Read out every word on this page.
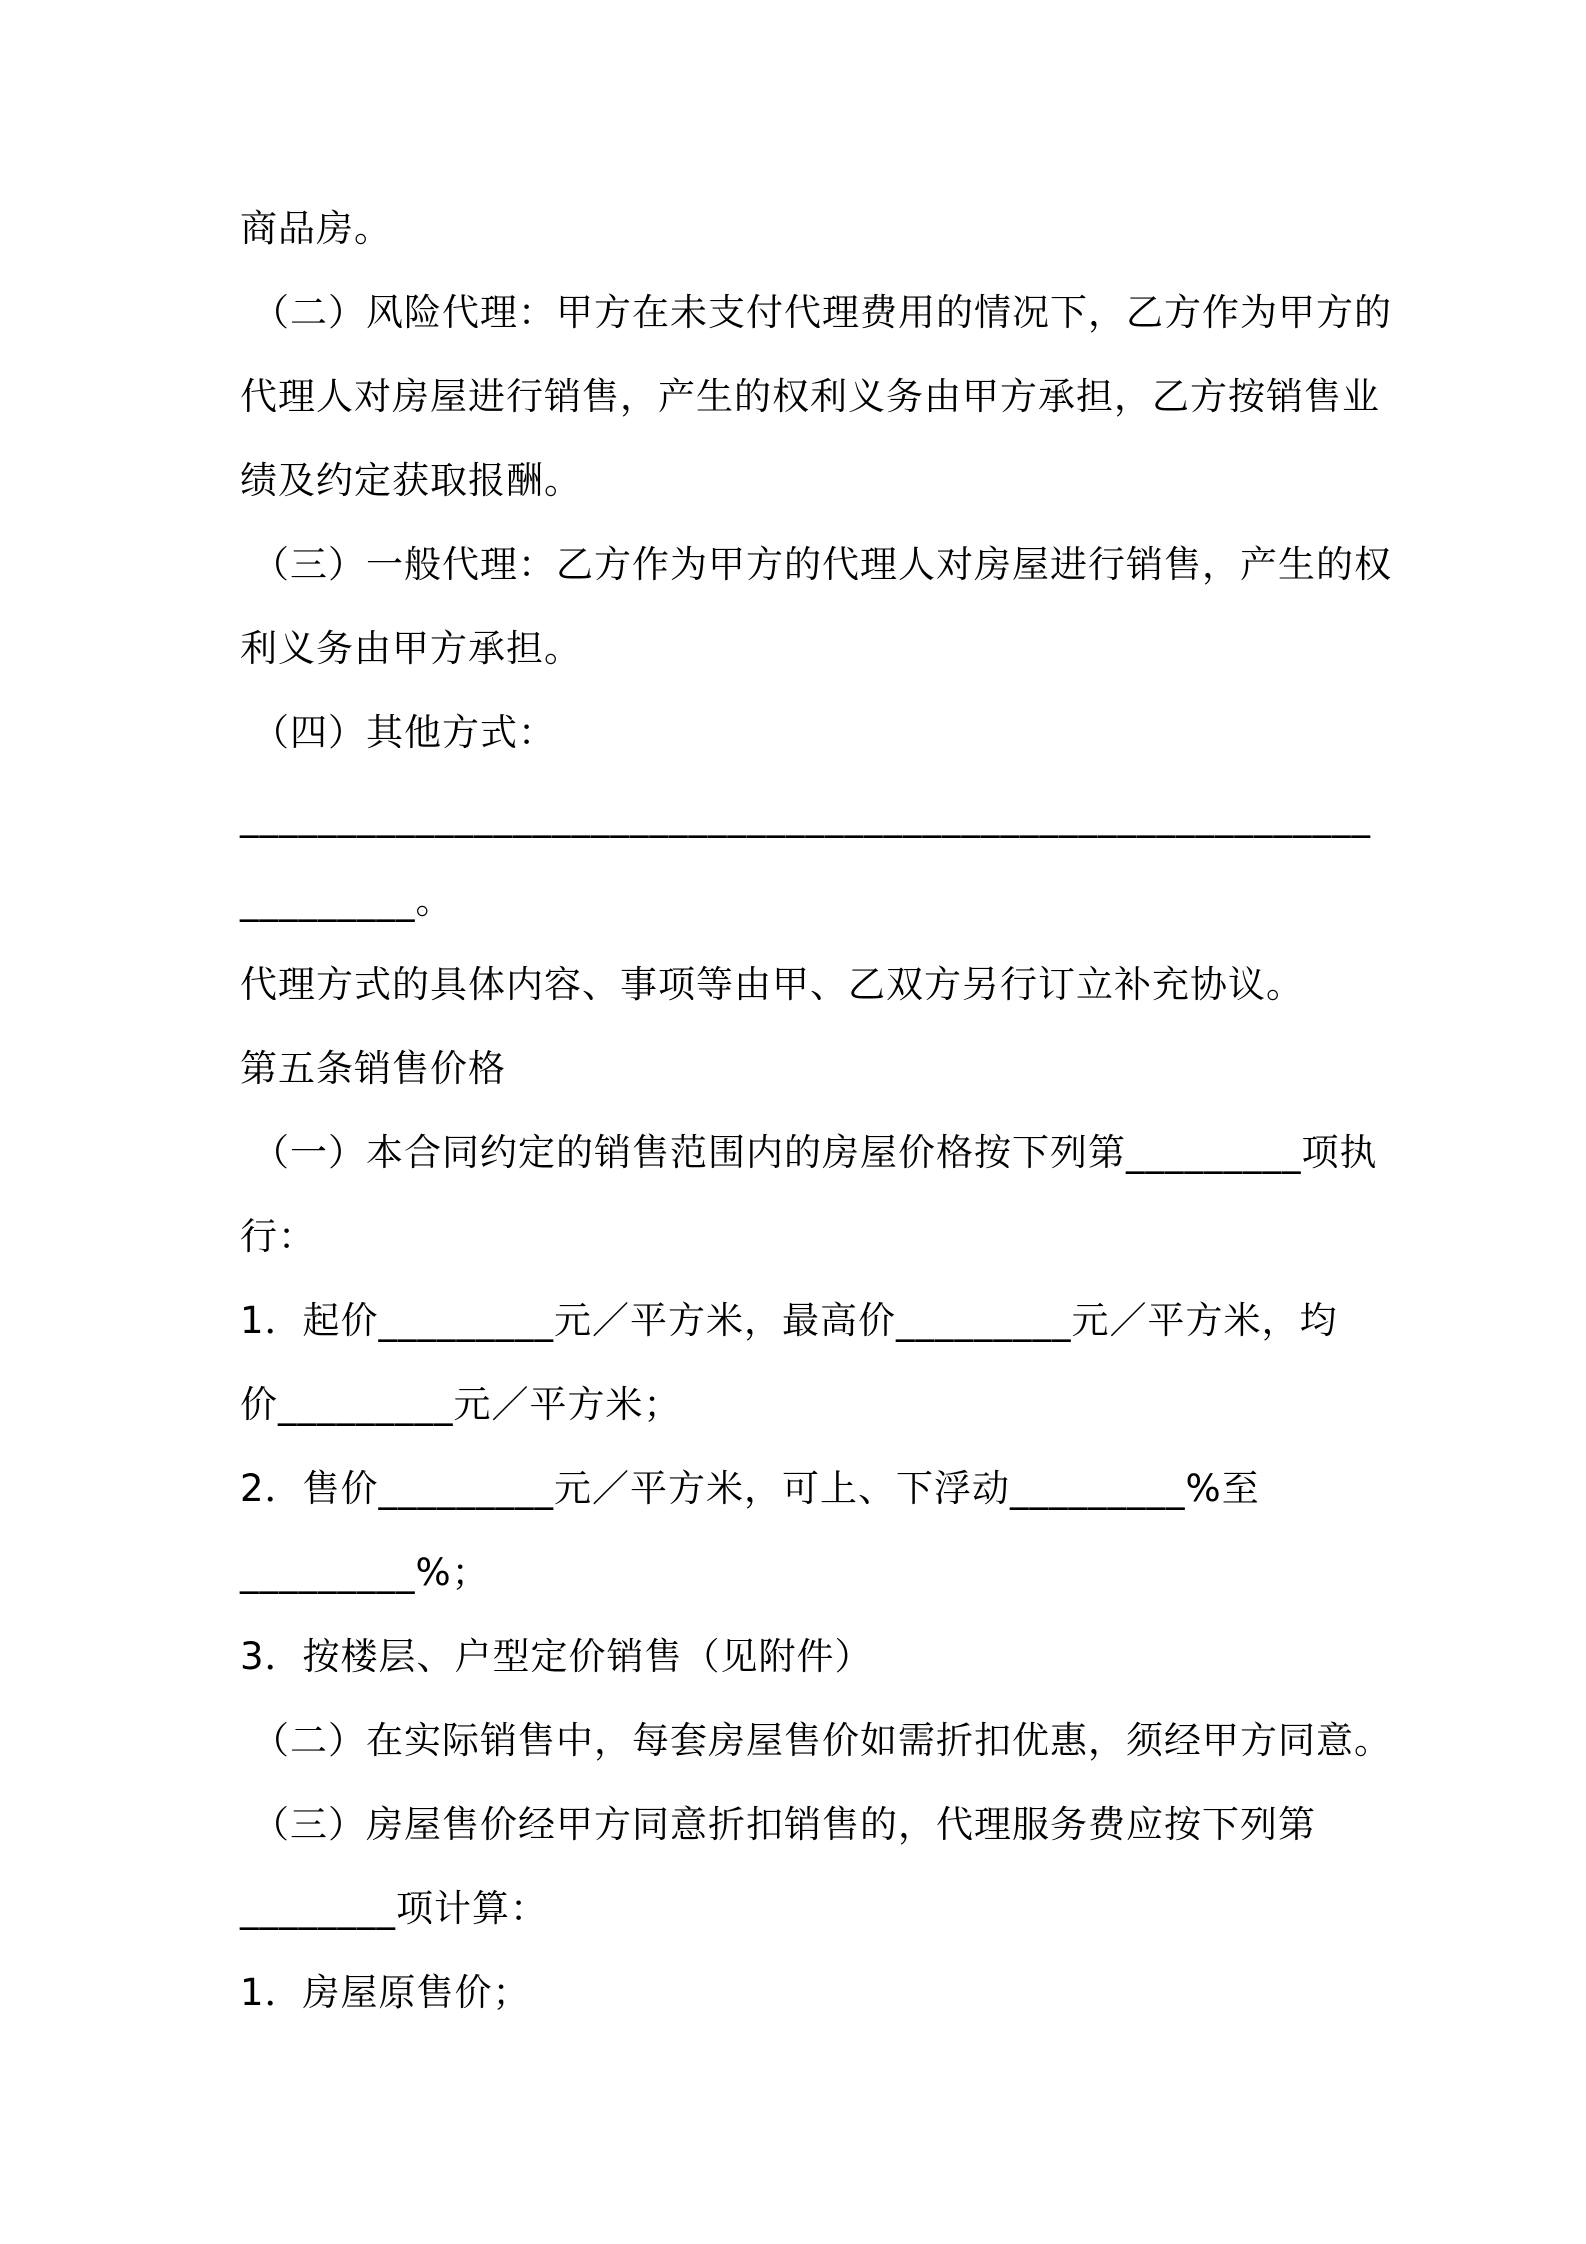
商品房。
（二）风险代理：甲方在未支付代理费用的情况下，乙方作为甲方的
代理人对房屋进行销售，产生的权利义务由甲方承担，乙方按销售业
绩及约定获取报酬。
（三）一般代理：乙方作为甲方的代理人对房屋进行销售，产生的权
利义务由甲方承担。
（四）其他方式：
__________________________________________________________
_________。
代理方式的具体内容、事项等由甲、乙双方另行订立补充协议。
第五条销售价格
（一）本合同约定的销售范围内的房屋价格按下列第_________项执
行：
1．起价_________元／平方米，最高价_________元／平方米，均
价_________元／平方米；
2．售价_________元／平方米，可上、下浮动_________%至
_________%；
3．按楼层、户型定价销售（见附件）
（二）在实际销售中，每套房屋售价如需折扣优惠，须经甲方同意。
（三）房屋售价经甲方同意折扣销售的，代理服务费应按下列第
________项计算：
1．房屋原售价；
